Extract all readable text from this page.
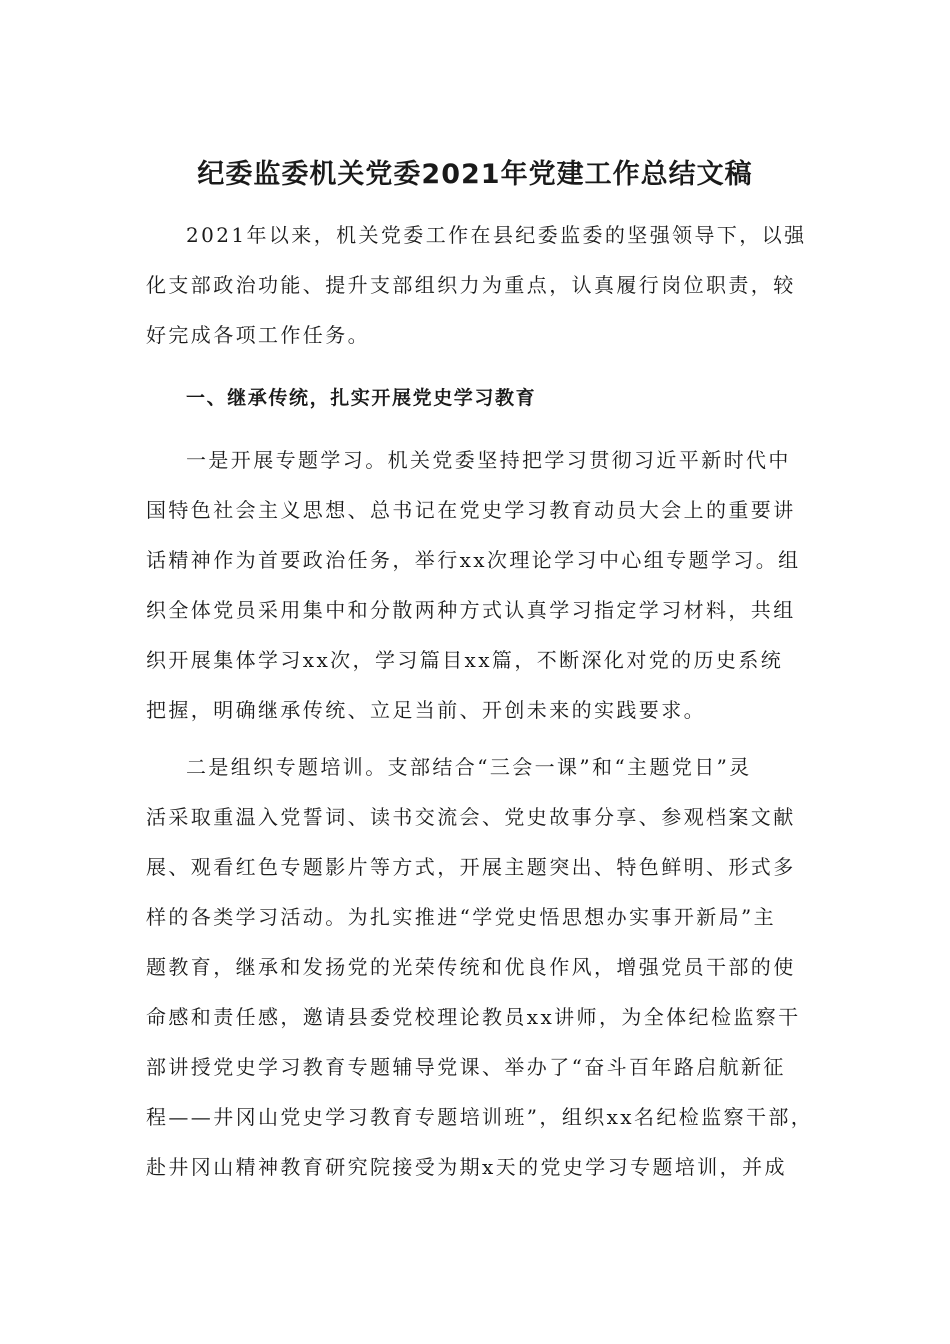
纪委监委机关党委2021年党建工作总结文稿
2021年以来，机关党委工作在县纪委监委的坚强领导下，以强
化支部政治功能、提升支部组织力为重点，认真履行岗位职责，较
好完成各项工作任务。
一、继承传统，扎实开展党史学习教育
一是开展专题学习。机关党委坚持把学习贯彻习近平新时代中
国特色社会主义思想、总书记在党史学习教育动员大会上的重要讲
话精神作为首要政治任务，举行xx次理论学习中心组专题学习。组
织全体党员采用集中和分散两种方式认真学习指定学习材料，共组
织开展集体学习xx次，学习篇目xx篇，不断深化对党的历史系统
把握，明确继承传统、立足当前、开创未来的实践要求。
二是组织专题培训。支部结合“三会一课”和“主题党日”灵
活采取重温入党誓词、读书交流会、党史故事分享、参观档案文献
展、观看红色专题影片等方式，开展主题突出、特色鲜明、形式多
样的各类学习活动。为扎实推进“学党史悟思想办实事开新局”主
题教育，继承和发扬党的光荣传统和优良作风，增强党员干部的使
命感和责任感，邀请县委党校理论教员xx讲师，为全体纪检监察干
部讲授党史学习教育专题辅导党课、举办了“奋斗百年路启航新征
程——井冈山党史学习教育专题培训班”，组织xx名纪检监察干部，
赴井冈山精神教育研究院接受为期x天的党史学习专题培训，并成
